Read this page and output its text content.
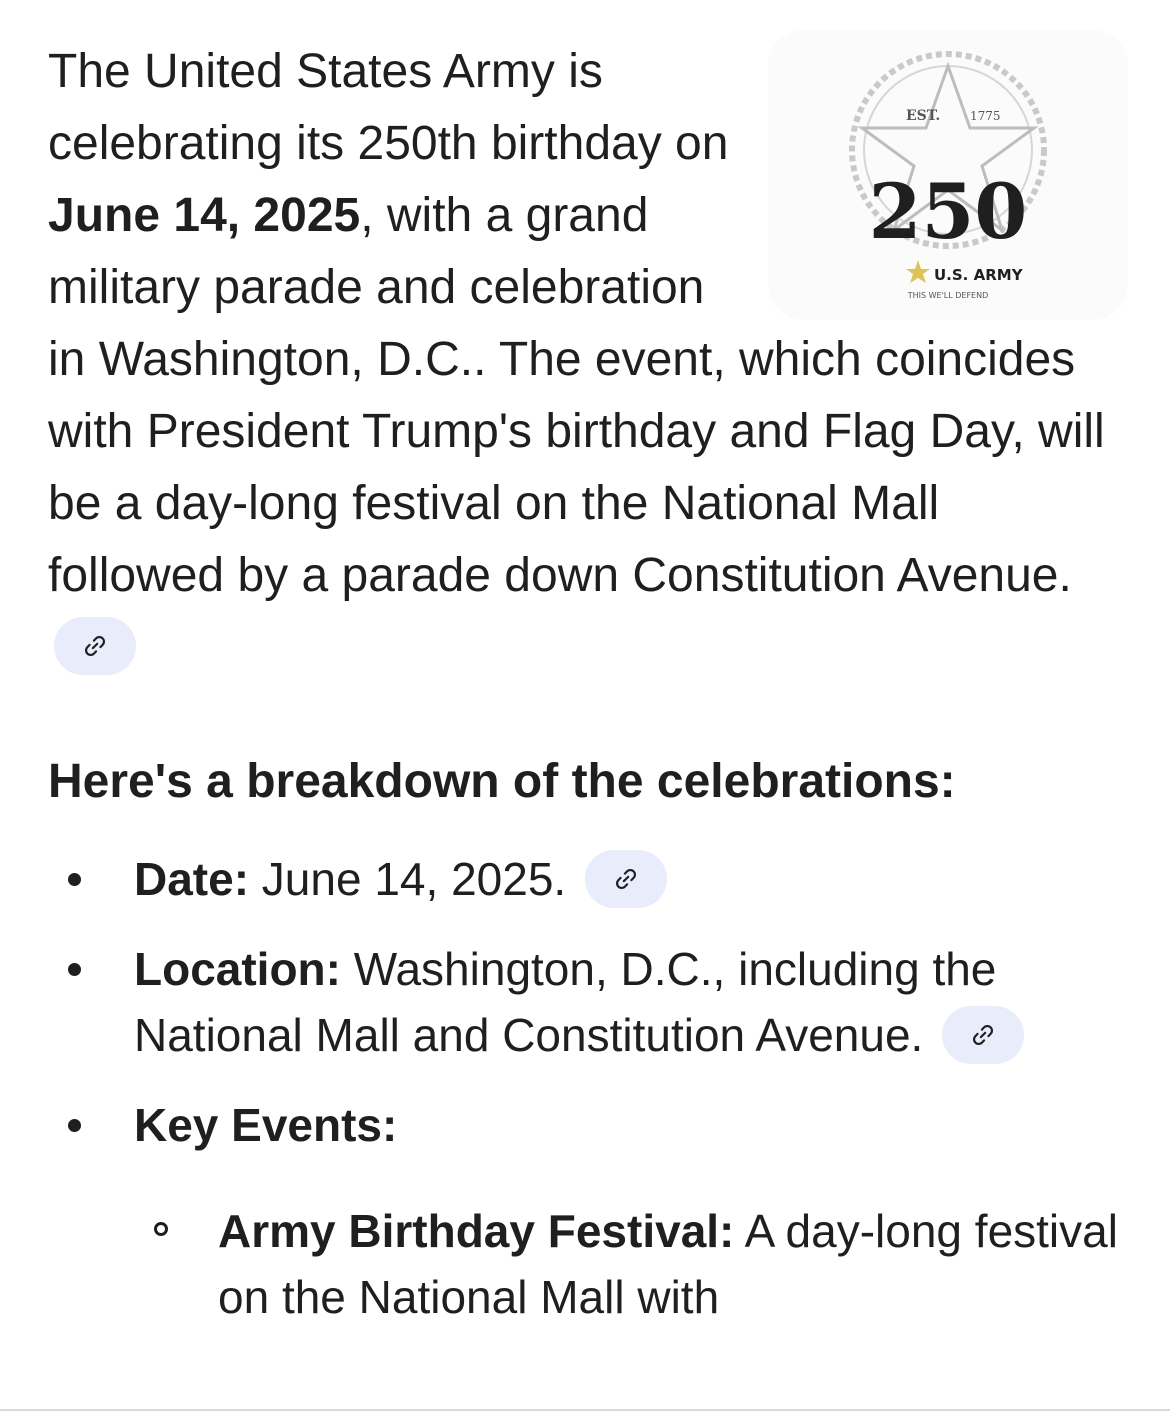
EST. 1775
250
U.S. ARMY
THIS WE'LL DEFEND
The United States Army is celebrating its 250th birthday on June 14, 2025, with a grand military parade and celebration in Washington, D.C.. The event, which coincides with President Trump's birthday and Flag Day, will be a day-long festival on the National Mall followed by a parade down Constitution Avenue.
Here's a breakdown of the celebrations:
Date: June 14, 2025.
Location: Washington, D.C., including the National Mall and Constitution Avenue.
Key Events:
Army Birthday Festival: A day-long festival on the National Mall with
